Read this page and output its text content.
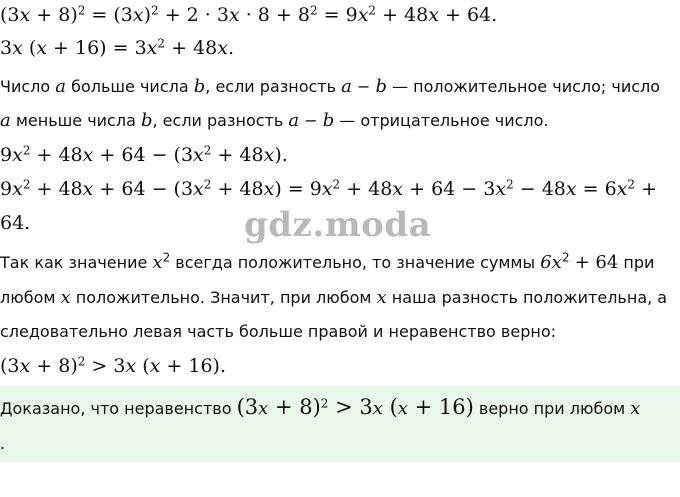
$(3x + 8)^2 = (3x)^2 + 2 \cdot 3x \cdot 8 + 8^2 = 9x^2 + 48x + 64$.
3x $(x + 16) = 3x^2 + 48x$.
Число a больше числа b, если разность a − b — положительное число; число
a меньше числа b, если разность a − b — отрицательное число.
$9x^2 + 48x + 64 - (3x^2 + 48x)$.
$9x^2 + 48x + 64 - (3x^2 + 48x) = 9x^2 + 48x + 64 - 3x^2 - 48x = 6x^2$ +
64.	gdz.moda
Так как значение $x^2$ всегда положительно, то значение суммы $6x^2 + 64$ при
любом x положительно. Значит, при любом x наша разность положительна, а
следовательно левая часть больше правой и неравенство верно:
$(3x + 8)^2 > 3x$ (x + 16).
Доказано, что неравенство $(3x + 8)^2 > 3x$ (x + 16) верно при любом x
.
